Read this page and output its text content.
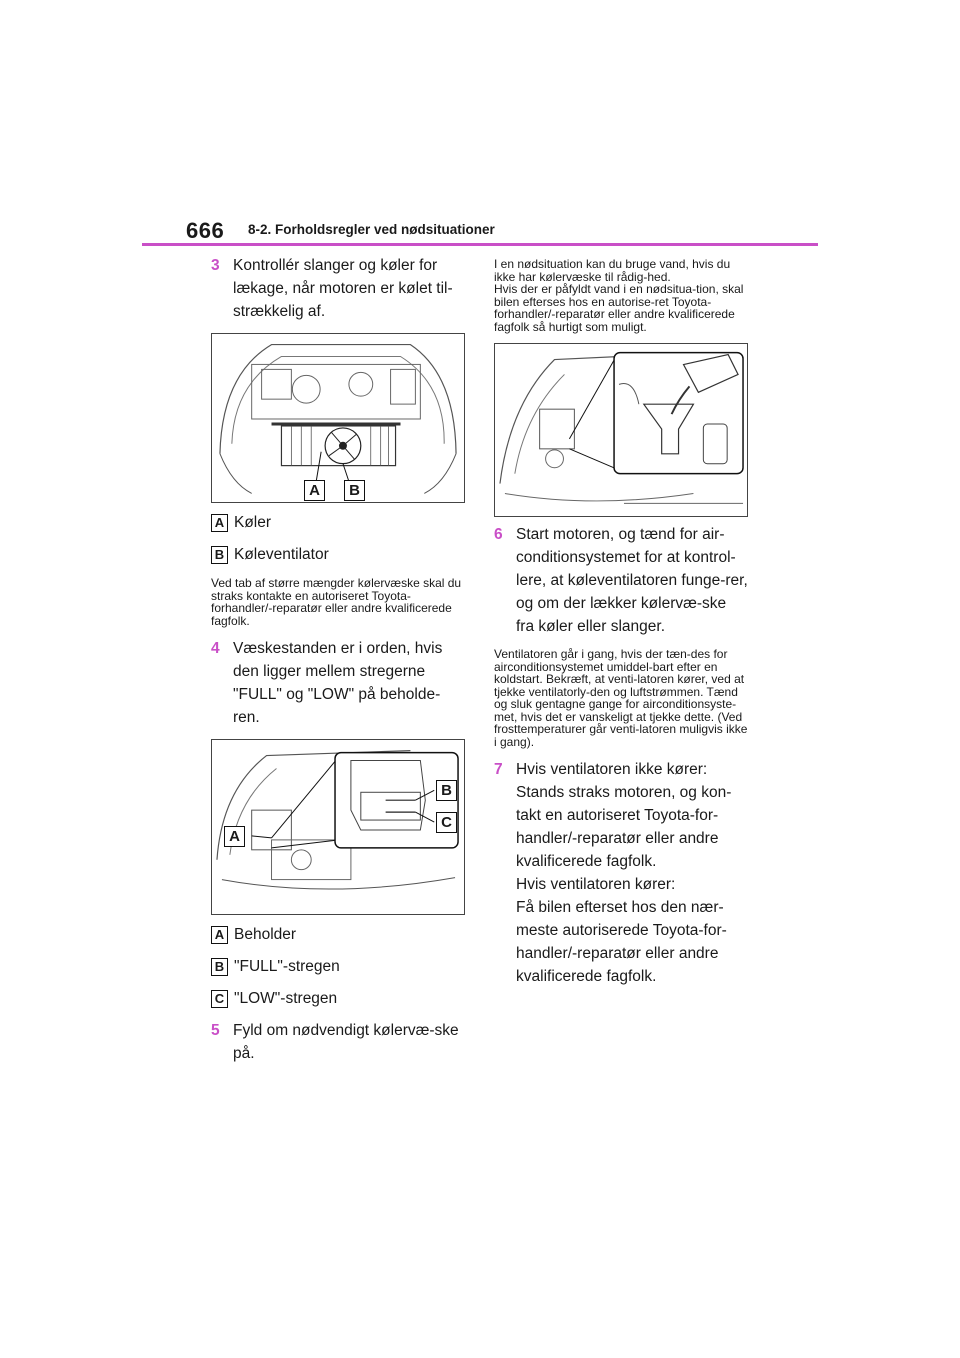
666 8-2. Forholdsregler ved nødsituationer
3 Kontrollér slanger og køler for lækage, når motoren er kølet til-strækkelig af.
A	B
A Køler
B Køleventilator

Ved tab af større mængder kølervæske skal du straks kontakte en autoriseret Toyota-forhandler/-reparatør eller andre kvalificerede fagfolk.

4 Væskestanden er i orden, hvis den ligger mellem stregerne "FULL" og "LOW" på beholde-ren.
A
B
C
A Beholder
B "FULL"-stregen
C "LOW"-stregen
5 Fyld om nødvendigt kølervæ-ske på.

I en nødsituation kan du bruge vand, hvis du ikke har kølervæske til rådig-hed.
Hvis der er påfyldt vand i en nødsitua-tion, skal bilen efterses hos en autorise-ret Toyota-forhandler/-reparatør eller andre kvalificerede fagfolk så hurtigt som muligt.

6 Start motoren, og tænd for air-conditionsystemet for at kontrol-lere, at køleventilatoren funge-rer, og om der lækker kølervæ-ske fra køler eller slanger.

Ventilatoren går i gang, hvis der tæn-des for airconditionsystemet umiddel-bart efter en koldstart. Bekræft, at venti-latoren kører, ved at tjekke ventilatorly-den og luftstrømmen. Tænd og sluk gentagne gange for airconditionsyste-met, hvis det er vanskeligt at tjekke dette. (Ved frosttemperaturer går venti-latoren muligvis ikke i gang).

7 Hvis ventilatoren ikke kører:
Stands straks motoren, og kon-takt en autoriseret Toyota-for-handler/-reparatør eller andre kvalificerede fagfolk.
Hvis ventilatoren kører:
Få bilen efterset hos den nær-meste autoriserede Toyota-for-handler/-reparatør eller andre kvalificerede fagfolk.
